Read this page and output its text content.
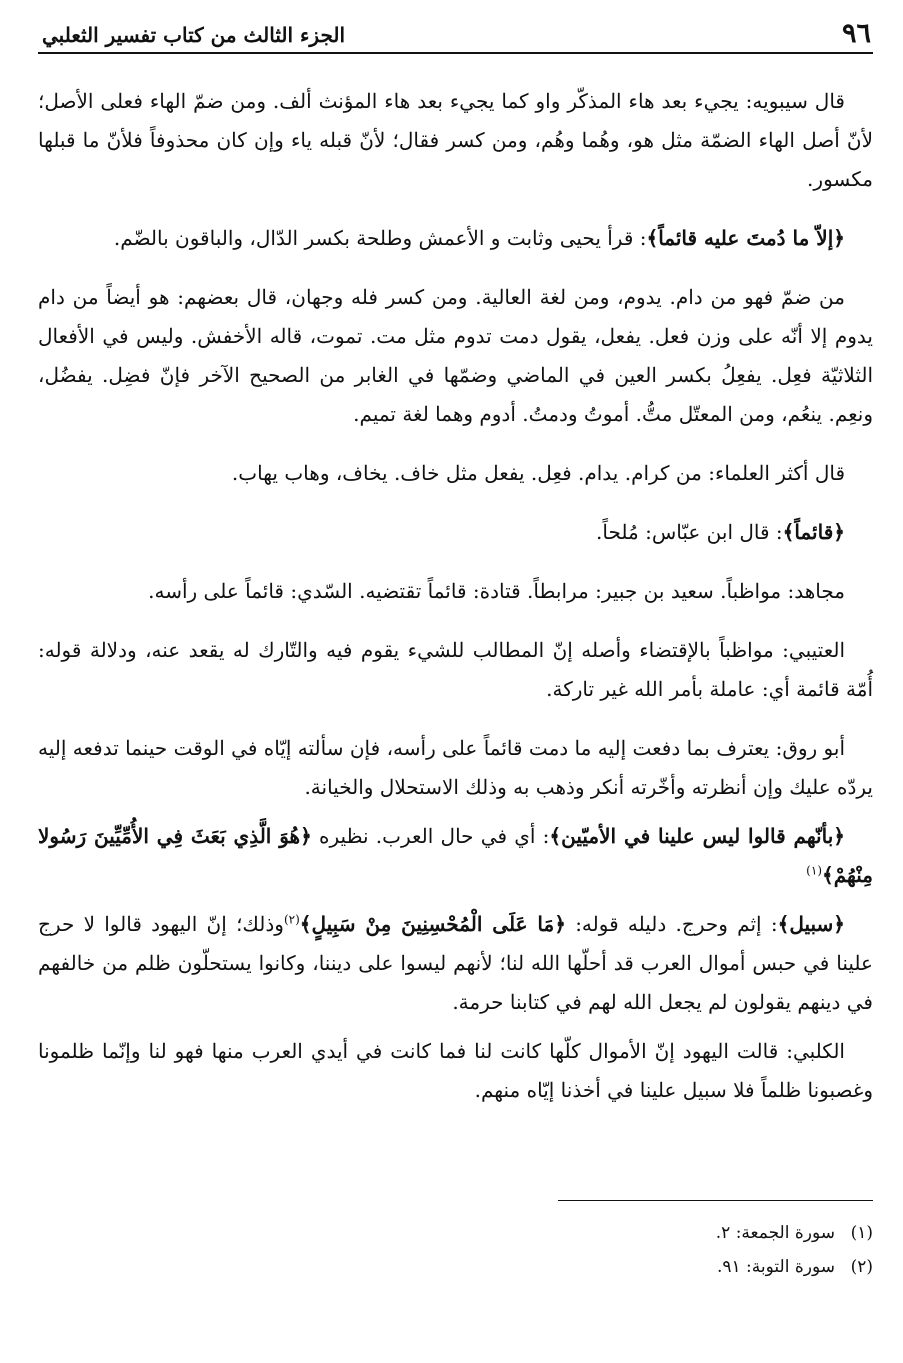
٩٦
الجزء الثالث من كتاب تفسير الثعلبي

قال سيبويه: يجيء بعد هاء المذكّر واو كما يجيء بعد هاء المؤنث ألف. ومن ضمّ الهاء فعلى الأصل؛ لأنّ أصل الهاء الضمّة مثل هو، وهُما وهُم، ومن كسر فقال؛ لأنّ قبله ياء وإن كان محذوفاً فلأنّ ما قبلها مكسور.

﴿إلاّ ما دُمتَ عليه قائماً﴾: قرأ يحيى وثابت و الأعمش وطلحة بكسر الدّال، والباقون بالضّم.

من ضمّ فهو من دام. يدوم، ومن لغة العالية. ومن كسر فله وجهان، قال بعضهم: هو أيضاً من دام يدوم إلا أنّه على وزن فعل. يفعل، يقول دمت تدوم مثل مت. تموت، قاله الأخفش. وليس في الأفعال الثلاثيّة فعِل. يفعِلُ بكسر العين في الماضي وضمّها في الغابر من الصحيح الآخر فإنّ فضِل. يفضُل، ونعِم. ينعُم، ومن المعتّل متُّ. أموتُ ودمتُ. أدوم وهما لغة تميم.

قال أكثر العلماء: من كرام. يدام. فعِل. يفعل مثل خاف. يخاف، وهاب يهاب.

﴿قائماً﴾: قال ابن عبّاس: مُلحاً.

مجاهد: مواظباً. سعيد بن جبير: مرابطاً. قتادة: قائماً تقتضيه. السّدي: قائماً على رأسه.

العتيبي: مواظباً بالإقتضاء وأصله إنّ المطالب للشيء يقوم فيه والتّارك له يقعد عنه، ودلالة قوله: أُمّة قائمة أي: عاملة بأمر الله غير تاركة.

أبو روق: يعترف بما دفعت إليه ما دمت قائماً على رأسه، فإن سألته إيّاه في الوقت حينما تدفعه إليه يردّه عليك وإن أنظرته وأخّرته أنكر وذهب به وذلك الاستحلال والخيانة.

﴿بأنّهم قالوا ليس علينا في الأميّين﴾: أي في حال العرب. نظيره ﴿هُوَ الَّذِي بَعَثَ فِي الأُمِّيِّينَ رَسُولا مِنْهُمْ﴾$^{(١)}$

﴿سبيل﴾: إثم وحرج. دليله قوله: ﴿مَا عَلَى الْمُحْسِنِينَ مِنْ سَبِيلٍ﴾$^{(٢)}$وذلك؛ إنّ اليهود قالوا لا حرج علينا في حبس أموال العرب قد أحلّها الله لنا؛ لأنهم ليسوا على ديننا، وكانوا يستحلّون ظلم من خالفهم في دينهم يقولون لم يجعل الله لهم في كتابنا حرمة.

الكلبي: قالت اليهود إنّ الأموال كلّها كانت لنا فما كانت في أيدي العرب منها فهو لنا وإنّما ظلمونا وغصبونا ظلماً فلا سبيل علينا في أخذنا إيّاه منهم.

(١)سورة الجمعة: ٢.
(٢)سورة التوبة: ٩١.
